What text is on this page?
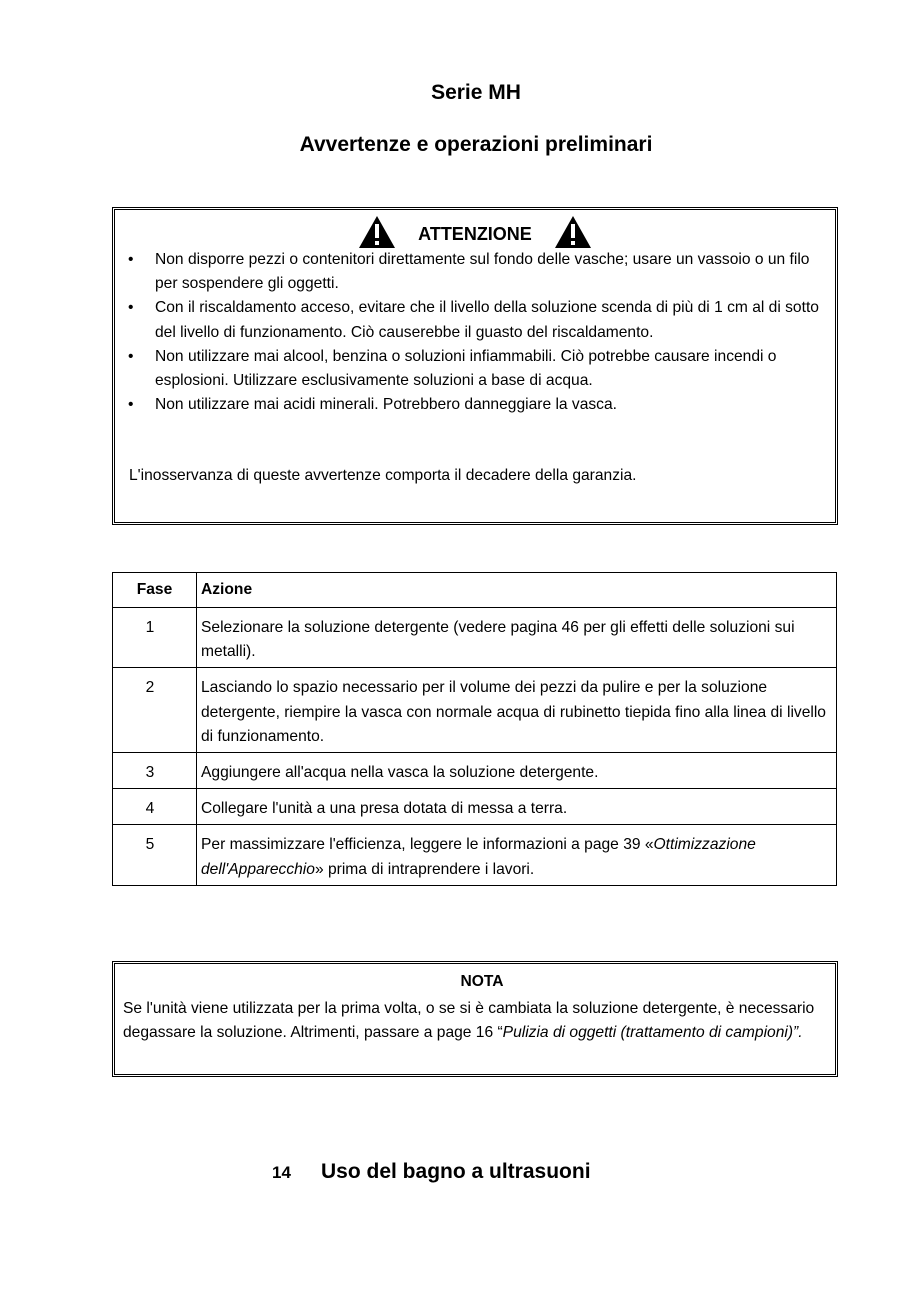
Serie MH
Avvertenze e operazioni preliminari
ATTENZIONE
• Non disporre pezzi o contenitori direttamente sul fondo delle vasche; usare un vassoio o un filo per sospendere gli oggetti.
• Con il riscaldamento acceso, evitare che il livello della soluzione scenda di più di 1 cm al di sotto del livello di funzionamento. Ciò causerebbe il guasto del riscaldamento.
• Non utilizzare mai alcool, benzina o soluzioni infiammabili. Ciò potrebbe causare incendi o esplosioni. Utilizzare esclusivamente soluzioni a base di acqua.
• Non utilizzare mai acidi minerali. Potrebbero danneggiare la vasca.
L'inosservanza di queste avvertenze comporta il decadere della garanzia.
Fase	Azione
1	Selezionare la soluzione detergente (vedere pagina 46 per gli effetti delle soluzioni sui metalli).
2	Lasciando lo spazio necessario per il volume dei pezzi da pulire e per la soluzione detergente, riempire la vasca con normale acqua di rubinetto tiepida fino alla linea di livello di funzionamento.
3	Aggiungere all'acqua nella vasca la soluzione detergente.
4	Collegare l'unità a una presa dotata di messa a terra.
5	Per massimizzare l'efficienza, leggere le informazioni a page 39 «Ottimizzazione dell'Apparecchio» prima di intraprendere i lavori.
NOTA
Se l'unità viene utilizzata per la prima volta, o se si è cambiata la soluzione detergente, è necessario degassare la soluzione. Altrimenti, passare a page 16 “Pulizia di oggetti (trattamento di campioni)”.
14 Uso del bagno a ultrasuoni
